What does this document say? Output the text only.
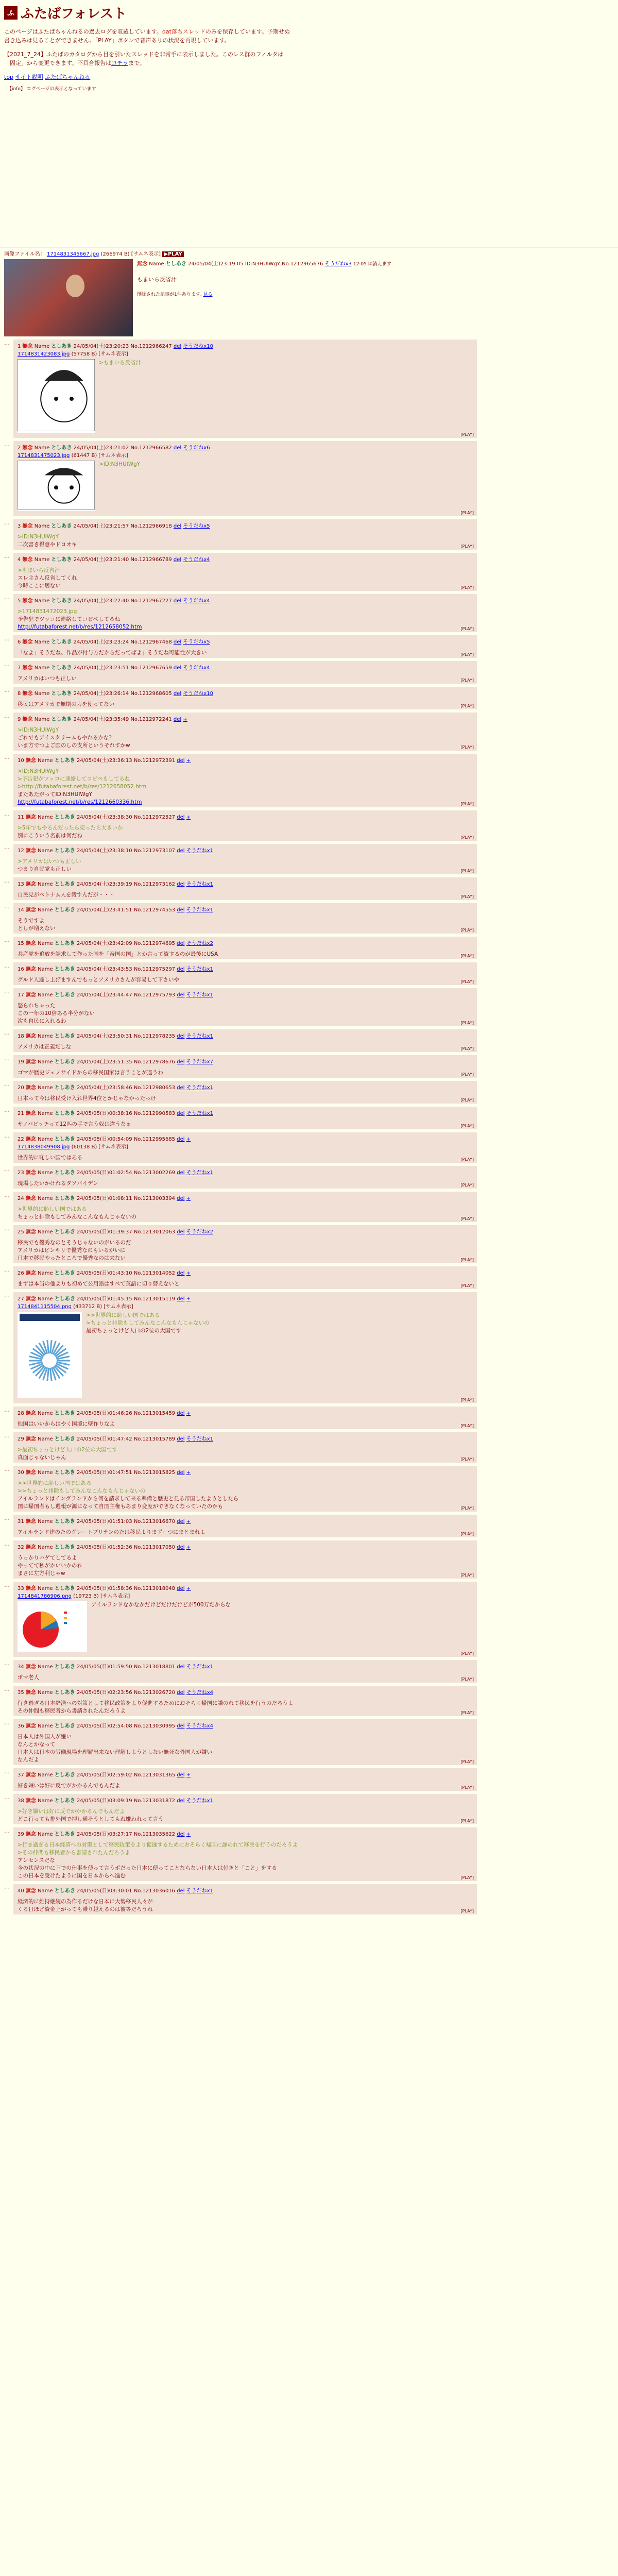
ふ ふたばフォレスト

このページはふたばちゃんねるの過去ログを収蔵しています。dat落ちスレッドのみを保存しています。予期せぬ書き込みは見ることができません。「PLAY」ボタンで音声ありの状況を再現しています。

【2021_7_24】ふたばのカタログから目を引いたスレッドを非常手に表示しました。このレス群のフィルタは「固定」から変更できます。不具合報告はコチラまで。

top サイト説明 ふたばちゃんねる
【info】 ログページの表示となっています
画像ファイル名： 1714831345667.jpg (266974 B) [サムネ表示] ▶PLAY
無念 Name としあき 24/05/04(土)23:19:05 ID:N3HUIWgY No.1212965676 そうだねx3 12:05 頃消えます
もまいら反省汁
削除された記事が1件あります. 見る
…
1 無念 Name としあき 24/05/04(土)23:20:23 No.1212966247 del そうだねx10
1714831423083.jpg (57758 B) [サムネ表示]
>もまいら反省汁
[PLAY]
…
2 無念 Name としあき 24/05/04(土)23:21:02 No.1212966582 del そうだねx6
1714831475023.jpg (61447 B) [サムネ表示]
>ID:N3HUIWgY
[PLAY]
…
3 無念 Name としあき 24/05/04(土)23:21:57 No.1212966918 del そうだねx5
>ID:N3HUIWgY
二次書き得意やドロオキ	[PLAY]
…
4 無念 Name としあき 24/05/04(土)23:21:40 No.1212966789 del そうだねx4
>もまいら反省汁
スレ主さん反省してくれ
今時ここに居ない	[PLAY]
…
5 無念 Name としあき 24/05/04(土)23:22:40 No.1212967227 del そうだねx4
>1714831472023.jpg
予告犯でツッコに連絡してコピペしてるね
http://futabaforest.net/b/res/1212658052.htm	[PLAY]
…
6 無念 Name としあき 24/05/04(土)23:23:24 No.1212967468 del そうだねx5
「なよ」そうだね。作品が付与方だからだってばよ」そうだね可能性が大きい	[PLAY]
…
7 無念 Name としあき 24/05/04(土)23:23:51 No.1212967659 del そうだねx4
アメリカはいつも正しい	[PLAY]
…
8 無念 Name としあき 24/05/04(土)23:26:14 No.1212968605 del そうだねx10
移民はアメリカで無期の力を使ってない	[PLAY]
…
9 無念 Name としあき 24/05/04(土)23:35:49 No.1212972241 del +
>ID:N3HUIWgY
ごれでもアイスクリームもやれるかな？
いま方でつよご国のしの支所というそれすかw	[PLAY]
…
10 無念 Name としあき 24/05/04(土)23:36:13 No.1212972391 del +
>ID:N3HUIWgY
>予告犯がツッコに連絡してコピペもしてるね
>http://futabaforest.net/b/res/1212658052.htm
またあたがってID:N3HUIWgY
http://futabaforest.net/b/res/1212660336.htm	[PLAY]
…
11 無念 Name としあき 24/05/04(土)23:38:30 No.1212972527 del +
>5年でもやるんだったら売ったら大きいか
別にこういう名前は何だね	[PLAY]
…
12 無念 Name としあき 24/05/04(土)23:38:10 No.1212973107 del そうだねx1
>アメリカはいつも正しい
つまり自民党も正しい	[PLAY]
…
13 無念 Name としあき 24/05/04(土)23:39:19 No.1212973162 del そうだねx1
自民党がベトナム人を殺すんだが・・・	[PLAY]
…
14 無念 Name としあき 24/05/04(土)23:41:51 No.1212974553 del そうだねx1
そうですよ
としが増えない	[PLAY]
…
15 無念 Name としあき 24/05/04(土)23:42:09 No.1212974695 del そうだねx2
共産党を追放を請求して作った国を「帝国の国」とか言って資するのが最後にUSA	[PLAY]
…
16 無念 Name としあき 24/05/04(土)23:43:53 No.1212975297 del そうだねx1
グルド人達し上げますんでもっとアメリカさんが容易して下さいや	[PLAY]
…
17 無念 Name としあき 24/05/04(土)23:44:47 No.1212975793 del そうだねx1
怒られちゃった
この一年の10倍ある半分がない
次も自民に入れるわ	[PLAY]
…
18 無念 Name としあき 24/05/04(土)23:50:31 No.1212978235 del そうだねx1
アメリカは正義だしな	[PLAY]
…
19 無念 Name としあき 24/05/04(土)23:51:35 No.1212978676 del そうだねx7
ゴマが歴史ジェノサイドからの移民国家は言うことが違うわ	[PLAY]
…
20 無念 Name としあき 24/05/04(土)23:58:46 No.1212980653 del そうだねx1
日本って今は移民受け入れ世界4位とかじゃなかったっけ	[PLAY]
…
21 無念 Name としあき 24/05/05(日)00:38:16 No.1212990583 del そうだねx1
サノバビッチって12匹の手で言う奴は違うなぁ	[PLAY]
…
22 無念 Name としあき 24/05/05(日)00:54:09 No.1212995685 del +
1714838049908.jpg (60138 B) [サムネ表示]
世界的に恥しい国ではある	[PLAY]
…
23 無念 Name としあき 24/05/05(日)01:02:54 No.1213002269 del そうだねx1
現場したいかけれるタソバイデン	[PLAY]
…
24 無念 Name としあき 24/05/05(日)01:08:11 No.1213003394 del +
>世界的に恥しい国ではある
ちょっと排除もしてみんなこんなもんじゃないの	[PLAY]
…
25 無念 Name としあき 24/05/05(日)01:39:37 No.1213012063 del そうだねx2
移民でも優秀なのとそうじゃないのがいるのだ
アメリカはビンキリで優秀なのもいるがいに
日本で移民やったところで優秀なのは来ない	[PLAY]
…
26 無念 Name としあき 24/05/05(日)01:43:10 No.1213014052 del +
まずは本当の他よりも初めて公用語はすべて英語に切り替えないと	[PLAY]
…
27 無念 Name としあき 24/05/05(日)01:45:15 No.1213015119 del +
1714841115504.png (433712 B) [サムネ表示]
>>世界的に恥しい国ではある
>ちょっと排除もしてみんなこんなもんじゃないの
最初ちょっとけど人口の2位の大国です
[PLAY]
…
28 無念 Name としあき 24/05/05(日)01:46:26 No.1213015459 del +
他国はいいからはやく国境に壁作りなよ	[PLAY]
…
29 無念 Name としあき 24/05/05(日)01:47:42 No.1213015789 del そうだねx1
>最初ちょっとけど人口の2位の大国です
真面じゃないじゃん	[PLAY]
…
30 無念 Name としあき 24/05/05(日)01:47:51 No.1213015825 del +
>>世界的に恥しい国ではある
>>ちょっと排除もしてみんなこんなもんじゃないの
アイルランドはイングランドから何を請求して来る準備と歴史と見る帝国したようとしたら
国に帰国者もし週報が源になって自国主権もあまり変度ができなくなっていたのかも	[PLAY]
…
31 無念 Name としあき 24/05/05(日)01:51:03 No.1213016670 del +
アイルランド達のたのグレートブリテンのたは移民よりまずーつにまとまれよ	[PLAY]
…
32 無念 Name としあき 24/05/05(日)01:52:36 No.1213017050 del +
うっかりハゲてしてるよ
やってて私がかいいかのれ
まさに左方利じゃw	[PLAY]
…
33 無念 Name としあき 24/05/05(日)01:58:36 No.1213018048 del +
1714841786906.png (19723 B) [サムネ表示]
アイルランドなかなかだけどだけだけどが500万だからな
[PLAY]
…
34 無念 Name としあき 24/05/05(日)01:59:50 No.1213018801 del そうだねx1
ポマ老人	[PLAY]
…
35 無念 Name としあき 24/05/05(日)02:23:56 No.1213026720 del そうだねx4
行き過ぎる日本経済への対策として移民政策をより促進するためにおそらく帰国に謙のれて移民を行うのだろうよ
その仲間も移民者から書請されたんだろうよ	[PLAY]
…
36 無念 Name としあき 24/05/05(日)02:54:08 No.1213030995 del そうだねx4
日本人は外国人が嫌い
なんとかなって
日本人は日本の労働現場を理解出来ない理解しようとしない無死な外国人が嫌い
なんだよ	[PLAY]
…
37 無念 Name としあき 24/05/05(日)02:59:02 No.1213031365 del +
好き嫌いは好に反でがかかるんでもんだよ	[PLAY]
…
38 無念 Name としあき 24/05/05(日)03:09:19 No.1213031872 del そうだねx1
>好き嫌いは好に反でがかかるんでもんだよ
どこ行っても排外国で押し通そうとしてもね嫌われって言う	[PLAY]
…
39 無念 Name としあき 24/05/05(日)03:27:17 No.1213035622 del +
>行き過ぎる日本経済への対策として移民政策をより促進するためにおそらく帰国に謙のれて移民を行うのだろうよ
>その仲間も移民者から書請されたんだろうよ
アンセンスだな
今の状況の中に下での仕事を使って言うボだった日本に使ってことならない日本人は付きと「こと」をする
この日本を受けたように国を日本からへ進む	[PLAY]
…
40 無念 Name としあき 24/05/05(日)03:30:01 No.1213036016 del そうだねx1
経済的に維持継続の為作るだけな日本に大勢移民人々が
くる日ほど資金上がっても乗り越えるのは彼等だろうね	[PLAY]
